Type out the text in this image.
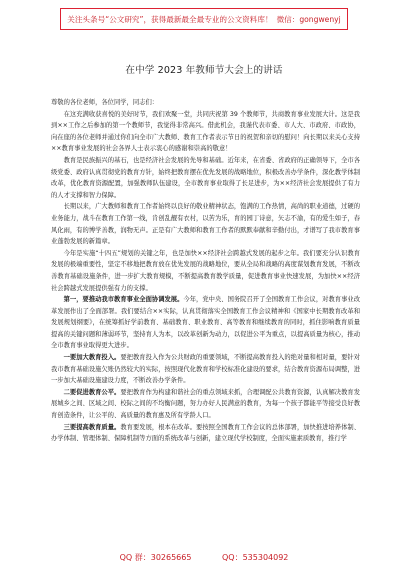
关注头条号“公文研究”，获得最新最全最专业的公文资料库！ 微信：gongwenyj
在中学 2023 年教师节大会上的讲话

尊敬的各位老师，各位同学，同志们：

在这充满收获喜悦的美好时节，我们欢聚一堂，共同庆祝第 39 个教师节，共商教育事业发展大计。这是我到××工作之后参加的第一个教师节，我觉得非常高兴。借此机会，我谨代表市委、市人大、市政府、市政协，向在座的各位老师并通过你们向全市广大教师、教育工作者表示节日的祝贺和亲切的慰问！向长期以来关心支持××教育事业发展的社会各界人士表示衷心的感谢和崇高的敬意！

教育是民族振兴的基石，也是经济社会发展的先导和基础。近年来，在省委、省政府的正确领导下，全市各级党委、政府认真贯彻党的教育方针，始终把教育摆在优先发展的战略地位，积极改善办学条件，深化教学体制改革，优化教育资源配置，加强教师队伍建设，全市教育事业取得了长足进步，为××经济社会发展提供了有力的人才支撑和智力保障。

长期以来，广大教师和教育工作者始终以良好的敬业精神状态，饱满的工作热情，高尚的职业道德，过硬的业务能力，战斗在教育工作第一线，肯创乱靓有衣村，以苦为乐，育的园丁诗意，矢志不渝，有的爱生如子，春风化雨，有的博学善教，润物无声。正是有广大教师和教育工作者的默默奉献和辛勤付出，才谱写了我市教育事业蓬勃发展的新篇章。

今年是实施“十四五”规划的关键之年，也是加快××经济社会跨越式发展的起步之年。我们要充分认识教育发展的极端重要性，坚定不移地把教育放在优先发展的战略地位，要从全局和战略的高度谋划教育发展，不断改善教育基础设施条件，进一步扩大教育规模，不断提高教育教学质量，促进教育事业快速发展，为加快××经济社会跨越式发展提供强有力的支撑。

第一，要推动我市教育事业全面协调发展。今年，党中央、国务院召开了全国教育工作会议，对教育事业改革发展作出了全面部署。我们要结合××实际，认真贯彻落实全国教育工作会议精神和《国家中长期教育改革和发展规划纲要》，在统筹抓好学前教育、基础教育、职业教育、高等教育和继续教育的同时，抓住影响教育质量提高的关键问题和薄弱环节，坚持育人为本，以改革创新为动力，以促进公平为重点，以提高质量为核心，推动全市教育事业取得更大进步。

一要加大教育投入。要把教育投入作为公共财政的重要领域，不断提高教育投入的绝对量和相对量，要针对我市教育基础设施欠账仍然较大的实际，按照现代化教育和学校标准化建设的要求，结合教育资源布局调整，进一步加大基础设施建设力度，不断改善办学条件。

二要促进教育公平。要把教育作为构建和谐社会的重点领域来抓，合理调配公共教育资源，认真解决教育发展城乡之间、区域之间、校际之间的不均衡问题，努力办好人民满意的教育，为每一个孩子都能平等接受良好教育创造条件，让公平的、高质量的教育惠及所有学龄人口。

三要提高教育质量。教育要发展，根本在改革。要按照全国教育工作会议的总体部署，加快推进培养体制、办学体制、管理体制、保障机制等方面的系统改革与创新，建立现代学校制度，全面实施素质教育，推行学

QQ 群：30265665	QQ：535304092
